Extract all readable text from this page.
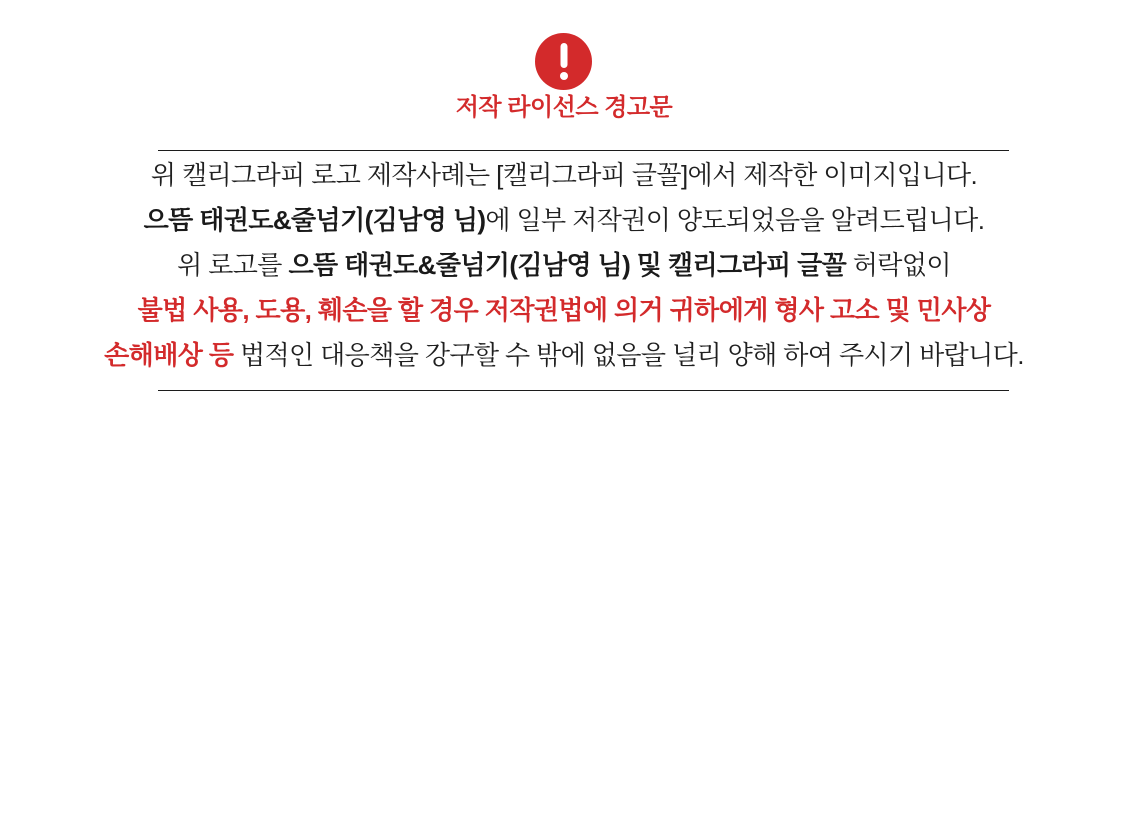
저작 라이선스 경고문

위 캘리그라피 로고 제작사례는 [캘리그라피 글꼴]에서 제작한 이미지입니다.

으뜸 태권도&줄넘기(김남영 님)에 일부 저작권이 양도되었음을 알려드립니다.

위 로고를 으뜸 태권도&줄넘기(김남영 님) 및 캘리그라피 글꼴 허락없이

불법 사용, 도용, 훼손을 할 경우 저작권법에 의거 귀하에게 형사 고소 및 민사상

손해배상 등 법적인 대응책을 강구할 수 밖에 없음을 널리 양해 하여 주시기 바랍니다.
